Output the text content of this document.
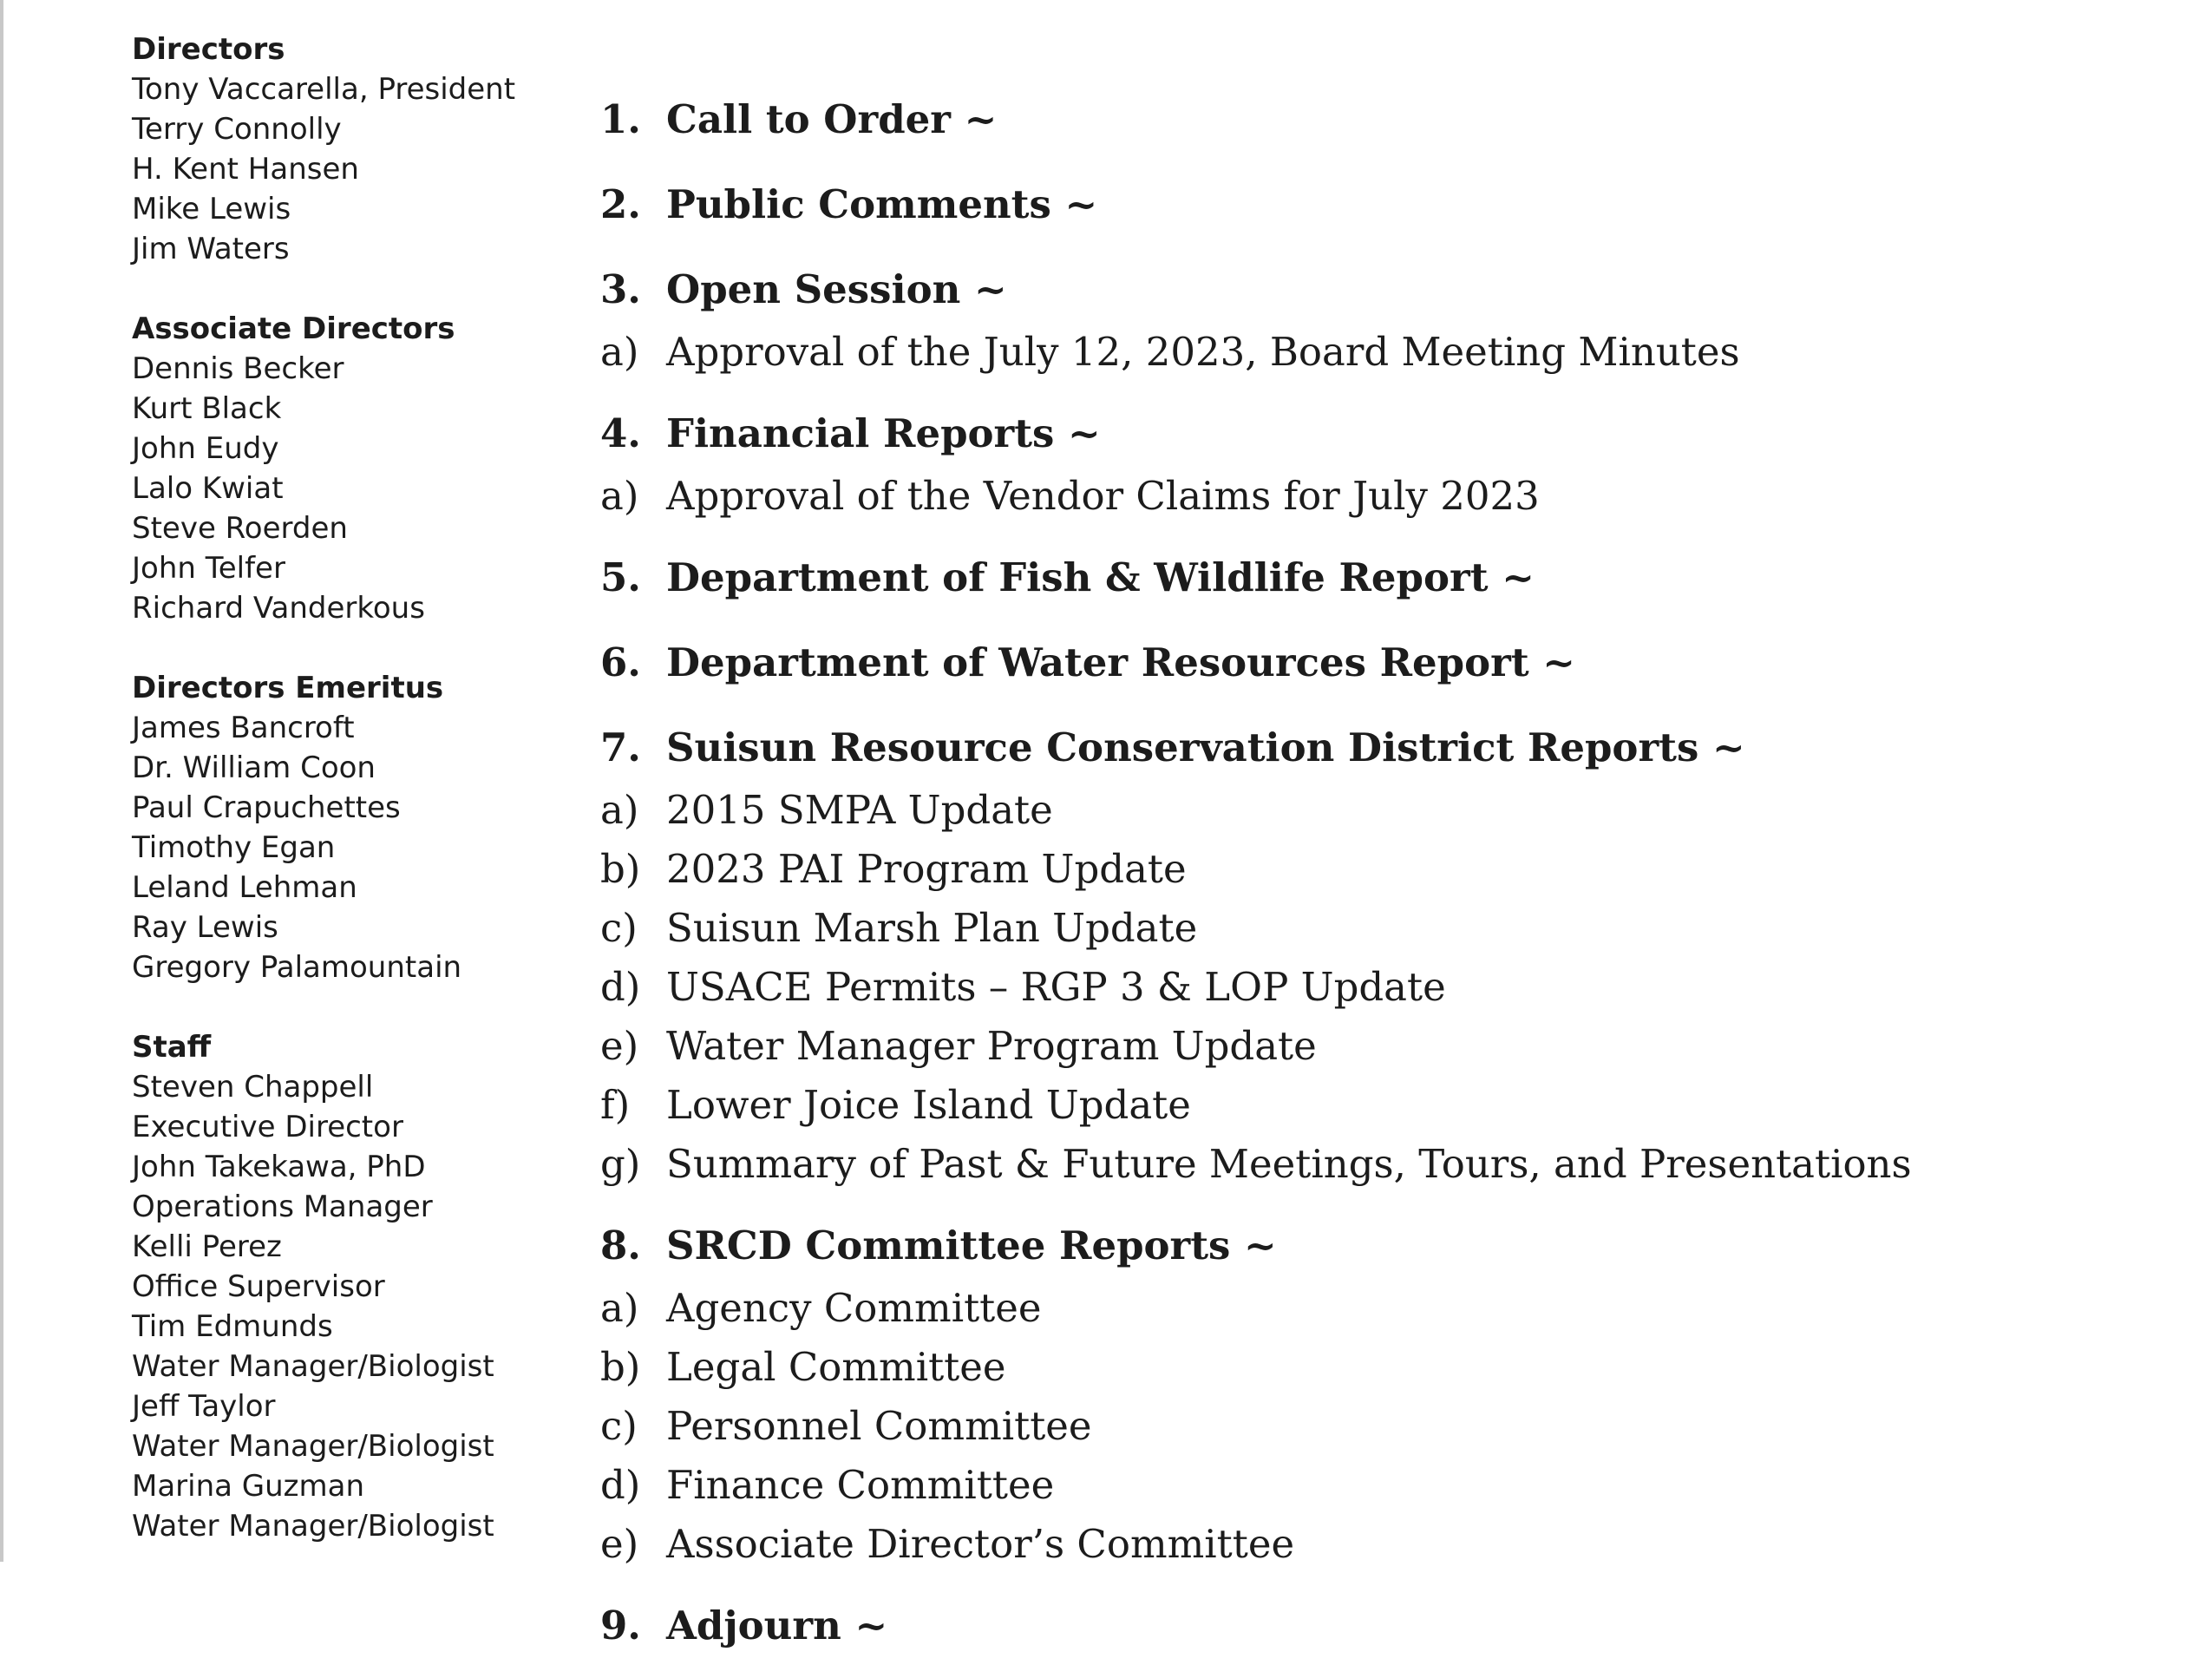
Directors
Tony Vaccarella, President
Terry Connolly
H. Kent Hansen
Mike Lewis
Jim Waters
Associate Directors
Dennis Becker
Kurt Black
John Eudy
Lalo Kwiat
Steve Roerden
John Telfer
Richard Vanderkous
Directors Emeritus
James Bancroft
Dr. William Coon
Paul Crapuchettes
Timothy Egan
Leland Lehman
Ray Lewis
Gregory Palamountain
Staff
Steven Chappell
Executive Director
John Takekawa, PhD
Operations Manager
Kelli Perez
Office Supervisor
Tim Edmunds
Water Manager/Biologist
Jeff Taylor
Water Manager/Biologist
Marina Guzman
Water Manager/Biologist
1. Call to Order ~
2. Public Comments ~
3. Open Session ~
a) Approval of the July 12, 2023, Board Meeting Minutes
4. Financial Reports ~
a) Approval of the Vendor Claims for July 2023
5. Department of Fish & Wildlife Report ~
6. Department of Water Resources Report ~
7. Suisun Resource Conservation District Reports ~
a) 2015 SMPA Update
b) 2023 PAI Program Update
c) Suisun Marsh Plan Update
d) USACE Permits – RGP 3 & LOP Update
e) Water Manager Program Update
f) Lower Joice Island Update
g) Summary of Past & Future Meetings, Tours, and Presentations
8. SRCD Committee Reports ~
a) Agency Committee
b) Legal Committee
c) Personnel Committee
d) Finance Committee
e) Associate Director’s Committee
9. Adjourn ~
